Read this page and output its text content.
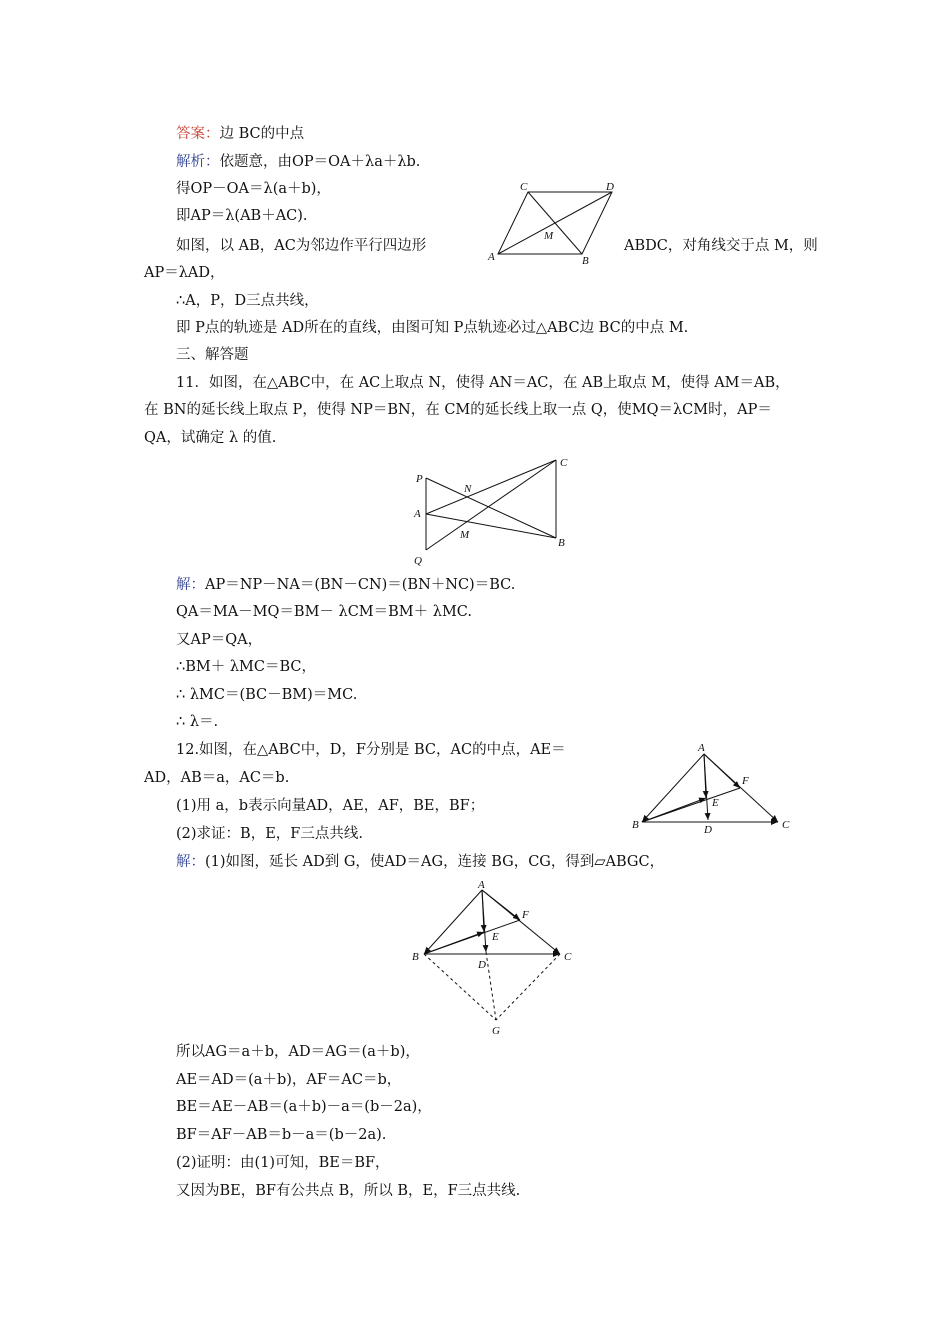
答案：边 BC的中点
解析：依题意，由OP＝OA＋λa＋λb.
得OP－OA＝λ(a＋b)，
即AP＝λ(AB＋AC).
如图，以 AB，AC为邻边作平行四边形	ABDC，对角线交于点 M，则
AP＝λAD，
∴A，P，D三点共线，
即 P点的轨迹是 AD所在的直线，由图可知 P点轨迹必过△ABC边 BC的中点 M.
A	B
C	D
M
三、解答题
11．如图，在△ABC中，在 AC上取点 N，使得 AN＝AC，在 AB上取点 M，使得 AM＝AB，
在 BN的延长线上取点 P，使得 NP＝BN，在 CM的延长线上取一点 Q，使MQ＝λCM时，AP＝
QA，试确定 λ 的值.
P
A
Q
N
M
C
B
解：AP＝NP－NA＝(BN－CN)＝(BN＋NC)＝BC.
QA＝MA－MQ＝BM－ λCM＝BM＋ λMC.
又AP＝QA，
∴BM＋ λMC＝BC，
∴ λMC＝(BC－BM)＝MC.
∴ λ＝.
12.如图，在△ABC中，D，F分别是 BC，AC的中点，AE＝
AD，AB＝a，AC＝b.
(1)用 a，b表示向量AD，AE，AF，BE，BF；
(2)求证：B，E，F三点共线.
A
B	C
D
E
F
解：(1)如图，延长 AD到 G，使AD＝AG，连接 BG，CG，得到▱ABGC，
A
B	C
D
E
F
G
所以AG＝a＋b，AD＝AG＝(a＋b)，
AE＝AD＝(a＋b)，AF＝AC＝b，
BE＝AE－AB＝(a＋b)－a＝(b－2a)，
BF＝AF－AB＝b－a＝(b－2a).
(2)证明：由(1)可知，BE＝BF，
又因为BE，BF有公共点 B，所以 B，E，F三点共线.
